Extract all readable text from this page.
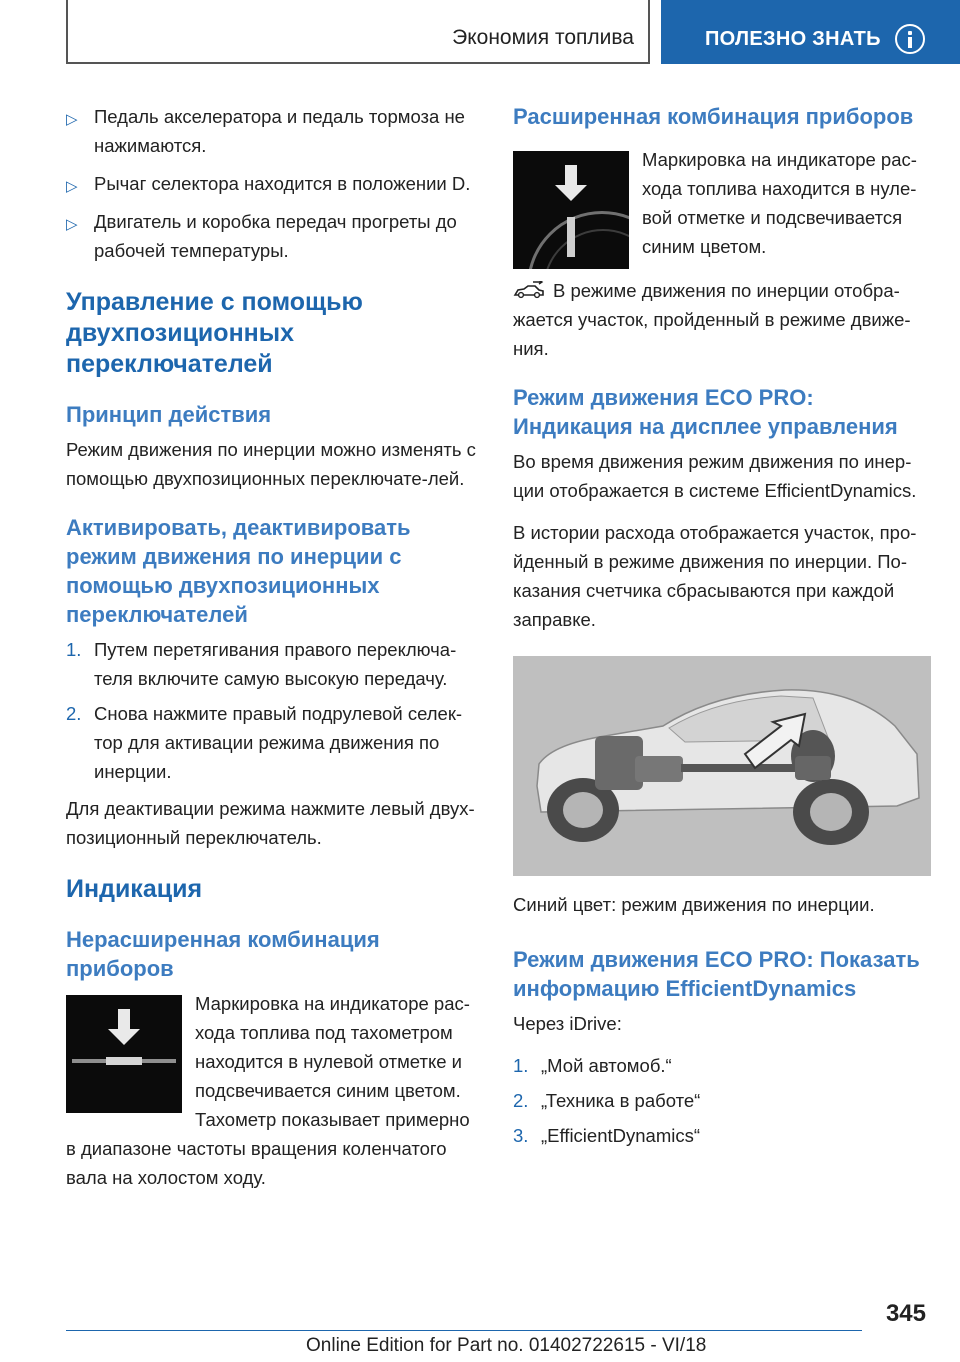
Экономия топлива	ПОЛЕЗНО ЗНАТЬ
▷ Педаль акселератора и педаль тормоза не нажимаются.
▷ Рычаг селектора находится в положении D.
▷ Двигатель и коробка передач прогреты до рабочей температуры.
Управление с помощью двухпозиционных переключателей
Принцип действия

Режим движения по инерции можно изменять с помощью двухпозиционных переключате-лей.

Активировать, деактивировать режим движения по инерции с помощью двухпозиционных переключателей
1. Путем перетягивания правого переключа-теля включите самую высокую передачу.
2. Снова нажмите правый подрулевой селек-тор для активации режима движения по инерции.

Для деактивации режима нажмите левый двух-позиционный переключатель.

Индикация
Нерасширенная комбинация приборов

Маркировка на индикаторе рас-хода топлива под тахометром находится в нулевой отметке и подсвечивается синим цветом. Тахометр показывает примерно в диапазоне частоты вращения коленчатого вала на холостом ходу.

Расширенная комбинация приборов

Маркировка на индикаторе рас-хода топлива находится в нуле-вой отметке и подсвечивается синим цветом.

В режиме движения по инерции отобра-жается участок, пройденный в режиме движе-ния.

Режим движения ECO PRO: Индикация на дисплее управления

Во время движения режим движения по инер-ции отображается в системе EfficientDynamics.

В истории расхода отображается участок, про-йденный в режиме движения по инерции. По-казания счетчика сбрасываются при каждой заправке.

Синий цвет: режим движения по инерции.

Режим движения ECO PRO: Показать информацию EfficientDynamics

Через iDrive:

1. „Мой автомоб.“
2. „Техника в работе“
3. „EfficientDynamics“
345
Online Edition for Part no. 01402722615 - VI/18
